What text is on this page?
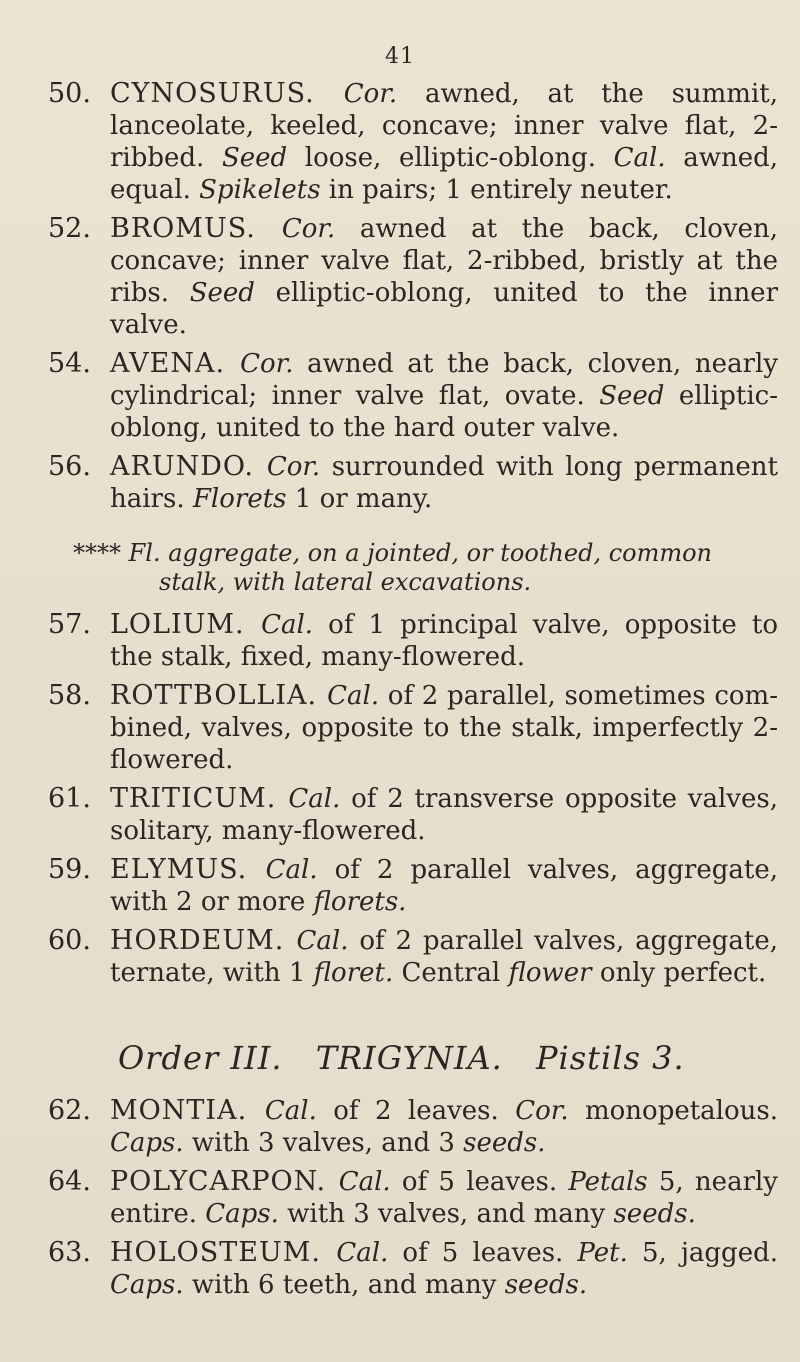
41
50. CYNOSURUS. Cor. awned, at the summit, lanceolate, keeled, concave; inner valve flat, 2-ribbed. Seed loose, elliptic-oblong. Cal. awned, equal. Spikelets in pairs; 1 entirely neuter.
52. BROMUS. Cor. awned at the back, cloven, concave; inner valve flat, 2-ribbed, bristly at the ribs. Seed elliptic-oblong, united to the inner valve.
54. AVENA. Cor. awned at the back, cloven, nearly cylindrical; inner valve flat, ovate. Seed elliptic-oblong, united to the hard outer valve.
56. ARUNDO. Cor. surrounded with long permanent hairs. Florets 1 or many.
**** Fl. aggregate, on a jointed, or toothed, common
stalk, with lateral excavations.
57. LOLIUM. Cal. of 1 principal valve, opposite to the stalk, fixed, many-flowered.
58. ROTTBOLLIA. Cal. of 2 parallel, sometimes com-bined, valves, opposite to the stalk, imperfectly 2-flowered.
61. TRITICUM. Cal. of 2 transverse opposite valves, solitary, many-flowered.
59. ELYMUS. Cal. of 2 parallel valves, aggregate, with 2 or more florets.
60. HORDEUM. Cal. of 2 parallel valves, aggregate, ternate, with 1 floret. Central flower only perfect.
Order III. TRIGYNIA. Pistils 3.
62. MONTIA. Cal. of 2 leaves. Cor. monopetalous. Caps. with 3 valves, and 3 seeds.
64. POLYCARPON. Cal. of 5 leaves. Petals 5, nearly entire. Caps. with 3 valves, and many seeds.
63. HOLOSTEUM. Cal. of 5 leaves. Pet. 5, jagged. Caps. with 6 teeth, and many seeds.
